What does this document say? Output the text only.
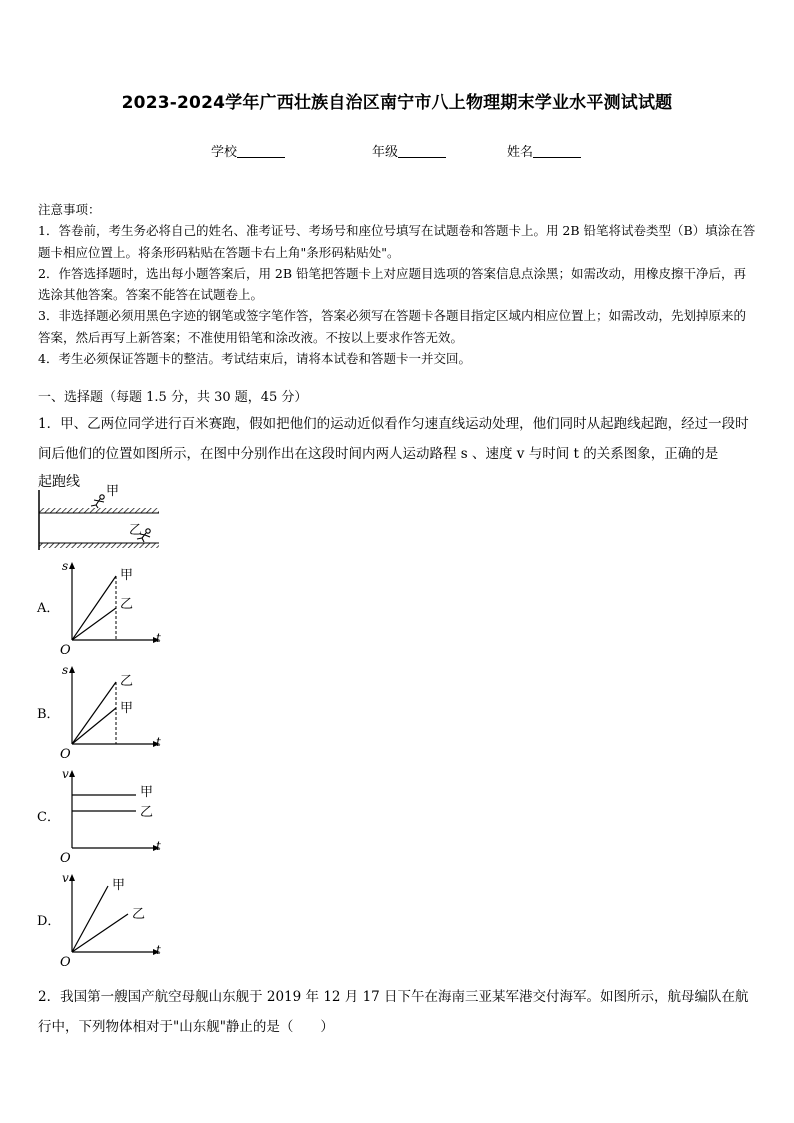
2023-2024学年广西壮族自治区南宁市八上物理期末学业水平测试试题
学校	年级	姓名

注意事项：

1．答卷前，考生务必将自己的姓名、准考证号、考场号和座位号填写在试题卷和答题卡上。用 2B 铅笔将试卷类型（B）填涂在答题卡相应位置上。将条形码粘贴在答题卡右上角"条形码粘贴处"。

2．作答选择题时，选出每小题答案后，用 2B 铅笔把答题卡上对应题目选项的答案信息点涂黑；如需改动，用橡皮擦干净后，再选涂其他答案。答案不能答在试题卷上。

3．非选择题必须用黑色字迹的钢笔或签字笔作答，答案必须写在答题卡各题目指定区域内相应位置上；如需改动，先划掉原来的答案，然后再写上新答案；不准使用铅笔和涂改液。不按以上要求作答无效。

4．考生必须保证答题卡的整洁。考试结束后，请将本试卷和答题卡一并交回。

一、选择题（每题 1.5 分，共 30 题，45 分）
1．甲、乙两位同学进行百米赛跑，假如把他们的运动近似看作匀速直线运动处理，他们同时从起跑线起跑，经过一段时间后他们的位置如图所示，在图中分别作出在这段时间内两人运动路程 s 、速度 v 与时间 t 的关系图象，正确的是
起跑线
甲
乙
A．
s
t
O
甲
乙
B．
s
t
O
乙
甲
C．
v
t
O
甲
乙
D．
v
t
O
甲
乙
2．我国第一艘国产航空母舰山东舰于 2019 年 12 月 17 日下午在海南三亚某军港交付海军。如图所示，航母编队在航行中，下列物体相对于"山东舰"静止的是（　　）
